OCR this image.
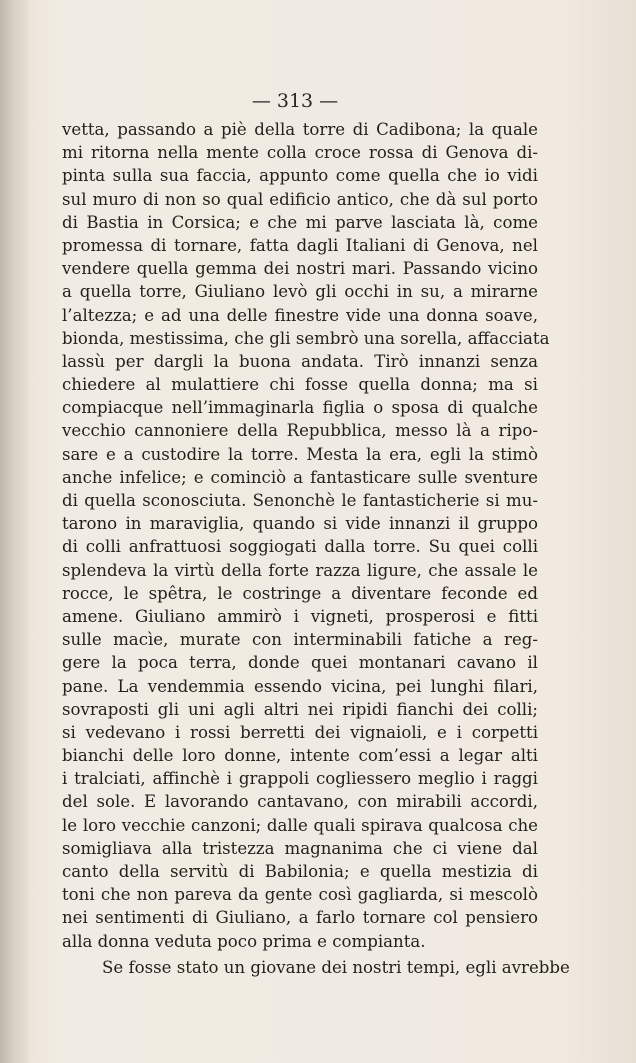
— 313 —

vetta, passando a piè della torre di Cadibona; la quale

mi ritorna nella mente colla croce rossa di Genova di-

pinta sulla sua faccia, appunto come quella che io vidi

sul muro di non so qual edificio antico, che dà sul porto

di Bastia in Corsica; e che mi parve lasciata là, come

promessa di tornare, fatta dagli Italiani di Genova, nel

vendere quella gemma dei nostri mari. Passando vicino

a quella torre, Giuliano levò gli occhi in su, a mirarne

l’altezza; e ad una delle finestre vide una donna soave,

bionda, mestissima, che gli sembrò una sorella, affacciata

lassù per dargli la buona andata. Tirò innanzi senza

chiedere al mulattiere chi fosse quella donna; ma si

compiacque nell’immaginarla figlia o sposa di qualche

vecchio cannoniere della Repubblica, messo là a ripo-

sare e a custodire la torre. Mesta la era, egli la stimò

anche infelice; e cominciò a fantasticare sulle sventure

di quella sconosciuta. Senonchè le fantasticherie si mu-

tarono in maraviglia, quando si vide innanzi il gruppo

di colli anfrattuosi soggiogati dalla torre. Su quei colli

splendeva la virtù della forte razza ligure, che assale le

rocce, le spêtra, le costringe a diventare feconde ed

amene. Giuliano ammirò i vigneti, prosperosi e fitti

sulle macìe, murate con interminabili fatiche a reg-

gere la poca terra, donde quei montanari cavano il

pane. La vendemmia essendo vicina, pei lunghi filari,

sovraposti gli uni agli altri nei ripidi fianchi dei colli;

si vedevano i rossi berretti dei vignaioli, e i corpetti

bianchi delle loro donne, intente com’essi a legar alti

i tralciati, affinchè i grappoli cogliessero meglio i raggi

del sole. E lavorando cantavano, con mirabili accordi,

le loro vecchie canzoni; dalle quali spirava qualcosa che

somigliava alla tristezza magnanima che ci viene dal

canto della servitù di Babilonia; e quella mestizia di

toni che non pareva da gente così gagliarda, si mescolò

nei sentimenti di Giuliano, a farlo tornare col pensiero

alla donna veduta poco prima e compianta.

Se fosse stato un giovane dei nostri tempi, egli avrebbe
